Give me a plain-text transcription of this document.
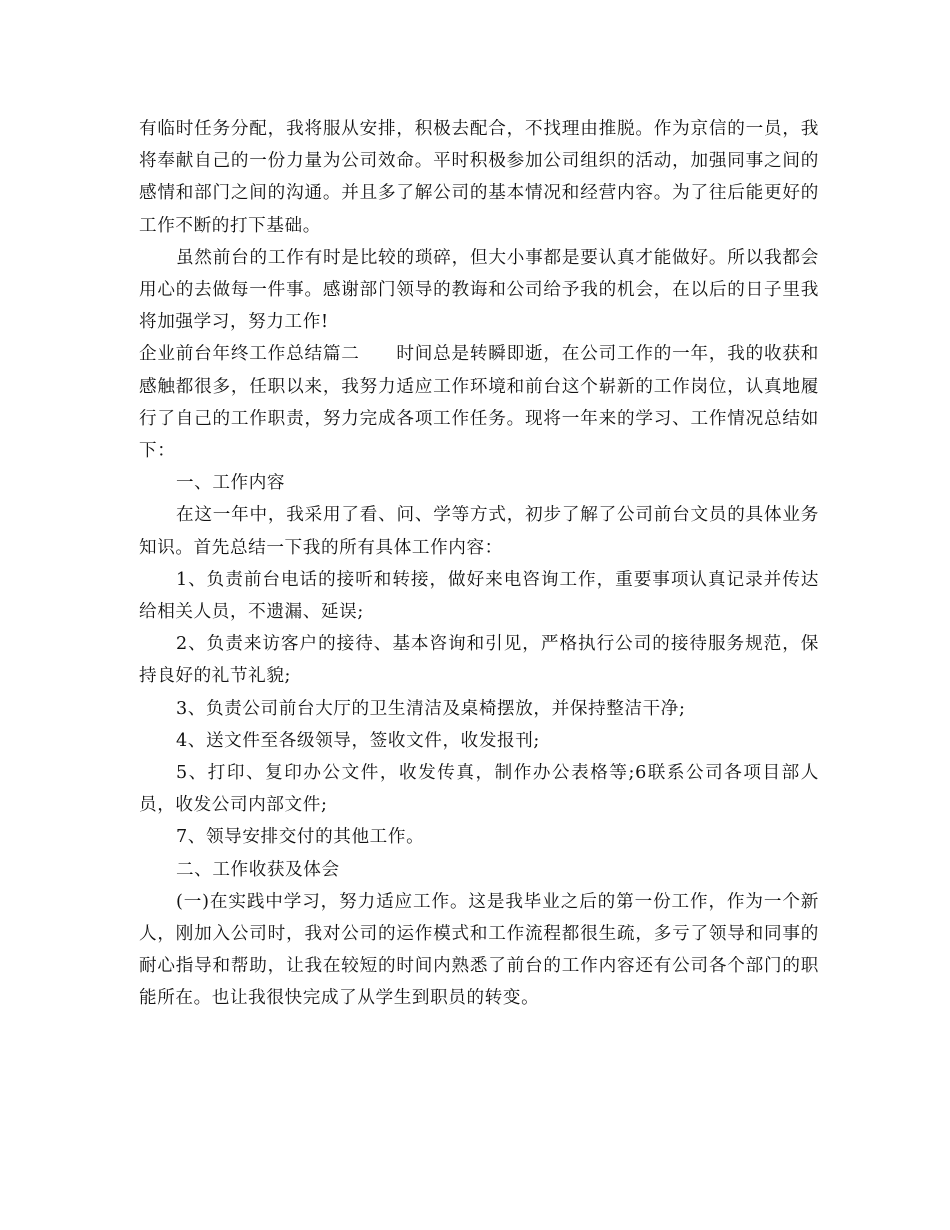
有临时任务分配，我将服从安排，积极去配合，不找理由推脱。作为京信的一员，我将奉献自己的一份力量为公司效命。平时积极参加公司组织的活动，加强同事之间的感情和部门之间的沟通。并且多了解公司的基本情况和经营内容。为了往后能更好的工作不断的打下基础。

虽然前台的工作有时是比较的琐碎，但大小事都是要认真才能做好。所以我都会用心的去做每一件事。感谢部门领导的教诲和公司给予我的机会，在以后的日子里我将加强学习，努力工作!

企业前台年终工作总结篇二　　时间总是转瞬即逝，在公司工作的一年，我的收获和感触都很多，任职以来，我努力适应工作环境和前台这个崭新的工作岗位，认真地履行了自己的工作职责，努力完成各项工作任务。现将一年来的学习、工作情况总结如下：

一、工作内容

在这一年中，我采用了看、问、学等方式，初步了解了公司前台文员的具体业务知识。首先总结一下我的所有具体工作内容：

1、负责前台电话的接听和转接，做好来电咨询工作，重要事项认真记录并传达给相关人员，不遗漏、延误;

2、负责来访客户的接待、基本咨询和引见，严格执行公司的接待服务规范，保持良好的礼节礼貌;

3、负责公司前台大厅的卫生清洁及桌椅摆放，并保持整洁干净;

4、送文件至各级领导，签收文件，收发报刊;

5、打印、复印办公文件，收发传真，制作办公表格等;6联系公司各项目部人员，收发公司内部文件;

7、领导安排交付的其他工作。

二、工作收获及体会

(一)在实践中学习，努力适应工作。这是我毕业之后的第一份工作，作为一个新人，刚加入公司时，我对公司的运作模式和工作流程都很生疏，多亏了领导和同事的耐心指导和帮助，让我在较短的时间内熟悉了前台的工作内容还有公司各个部门的职能所在。也让我很快完成了从学生到职员的转变。
